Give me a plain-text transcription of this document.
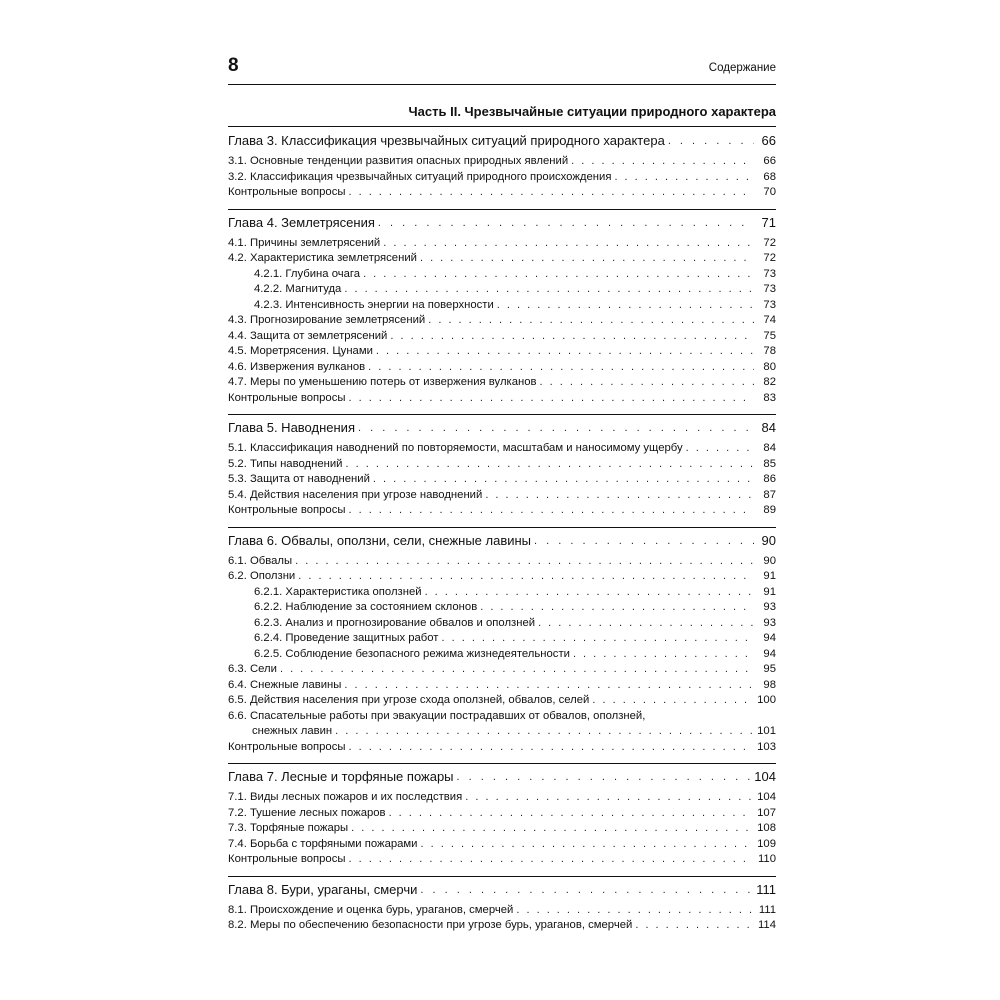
8	Содержание
Часть II. Чрезвычайные ситуации природного характера
Глава 3. Классификация чрезвычайных ситуаций природного характера . . .	66
3.1. Основные тенденции развития опасных природных явлений . . .	66
3.2. Классификация чрезвычайных ситуаций природного происхождения . . .	68
Контрольные вопросы . . .	70
Глава 4. Землетрясения . . .	71
4.1. Причины землетрясений . . .	72
4.2. Характеристика землетрясений . . .	72
4.2.1. Глубина очага . . .	73
4.2.2. Магнитуда . . .	73
4.2.3. Интенсивность энергии на поверхности . . .	73
4.3. Прогнозирование землетрясений . . .	74
4.4. Защита от землетрясений . . .	75
4.5. Моретрясения. Цунами . . .	78
4.6. Извержения вулканов . . .	80
4.7. Меры по уменьшению потерь от извержения вулканов . . .	82
Контрольные вопросы . . .	83
Глава 5. Наводнения . . .	84
5.1. Классификация наводнений по повторяемости, масштабам и наносимому ущербу . . .	84
5.2. Типы наводнений . . .	85
5.3. Защита от наводнений . . .	86
5.4. Действия населения при угрозе наводнений . . .	87
Контрольные вопросы . . .	89
Глава 6. Обвалы, оползни, сели, снежные лавины . . .	90
6.1. Обвалы . . .	90
6.2. Оползни . . .	91
6.2.1. Характеристика оползней . . .	91
6.2.2. Наблюдение за состоянием склонов . . .	93
6.2.3. Анализ и прогнозирование обвалов и оползней . . .	93
6.2.4. Проведение защитных работ . . .	94
6.2.5. Соблюдение безопасного режима жизнедеятельности . . .	94
6.3. Сели . . .	95
6.4. Снежные лавины . . .	98
6.5. Действия населения при угрозе схода оползней, обвалов, селей . . .	100
6.6. Спасательные работы при эвакуации пострадавших от обвалов, оползней,
снежных лавин . . .	101
Контрольные вопросы . . .	103
Глава 7. Лесные и торфяные пожары . . .	104
7.1. Виды лесных пожаров и их последствия . . .	104
7.2. Тушение лесных пожаров . . .	107
7.3. Торфяные пожары . . .	108
7.4. Борьба с торфяными пожарами . . .	109
Контрольные вопросы . . .	110
Глава 8. Бури, ураганы, смерчи . . .	111
8.1. Происхождение и оценка бурь, ураганов, смерчей . . .	111
8.2. Меры по обеспечению безопасности при угрозе бурь, ураганов, смерчей . . .	114
